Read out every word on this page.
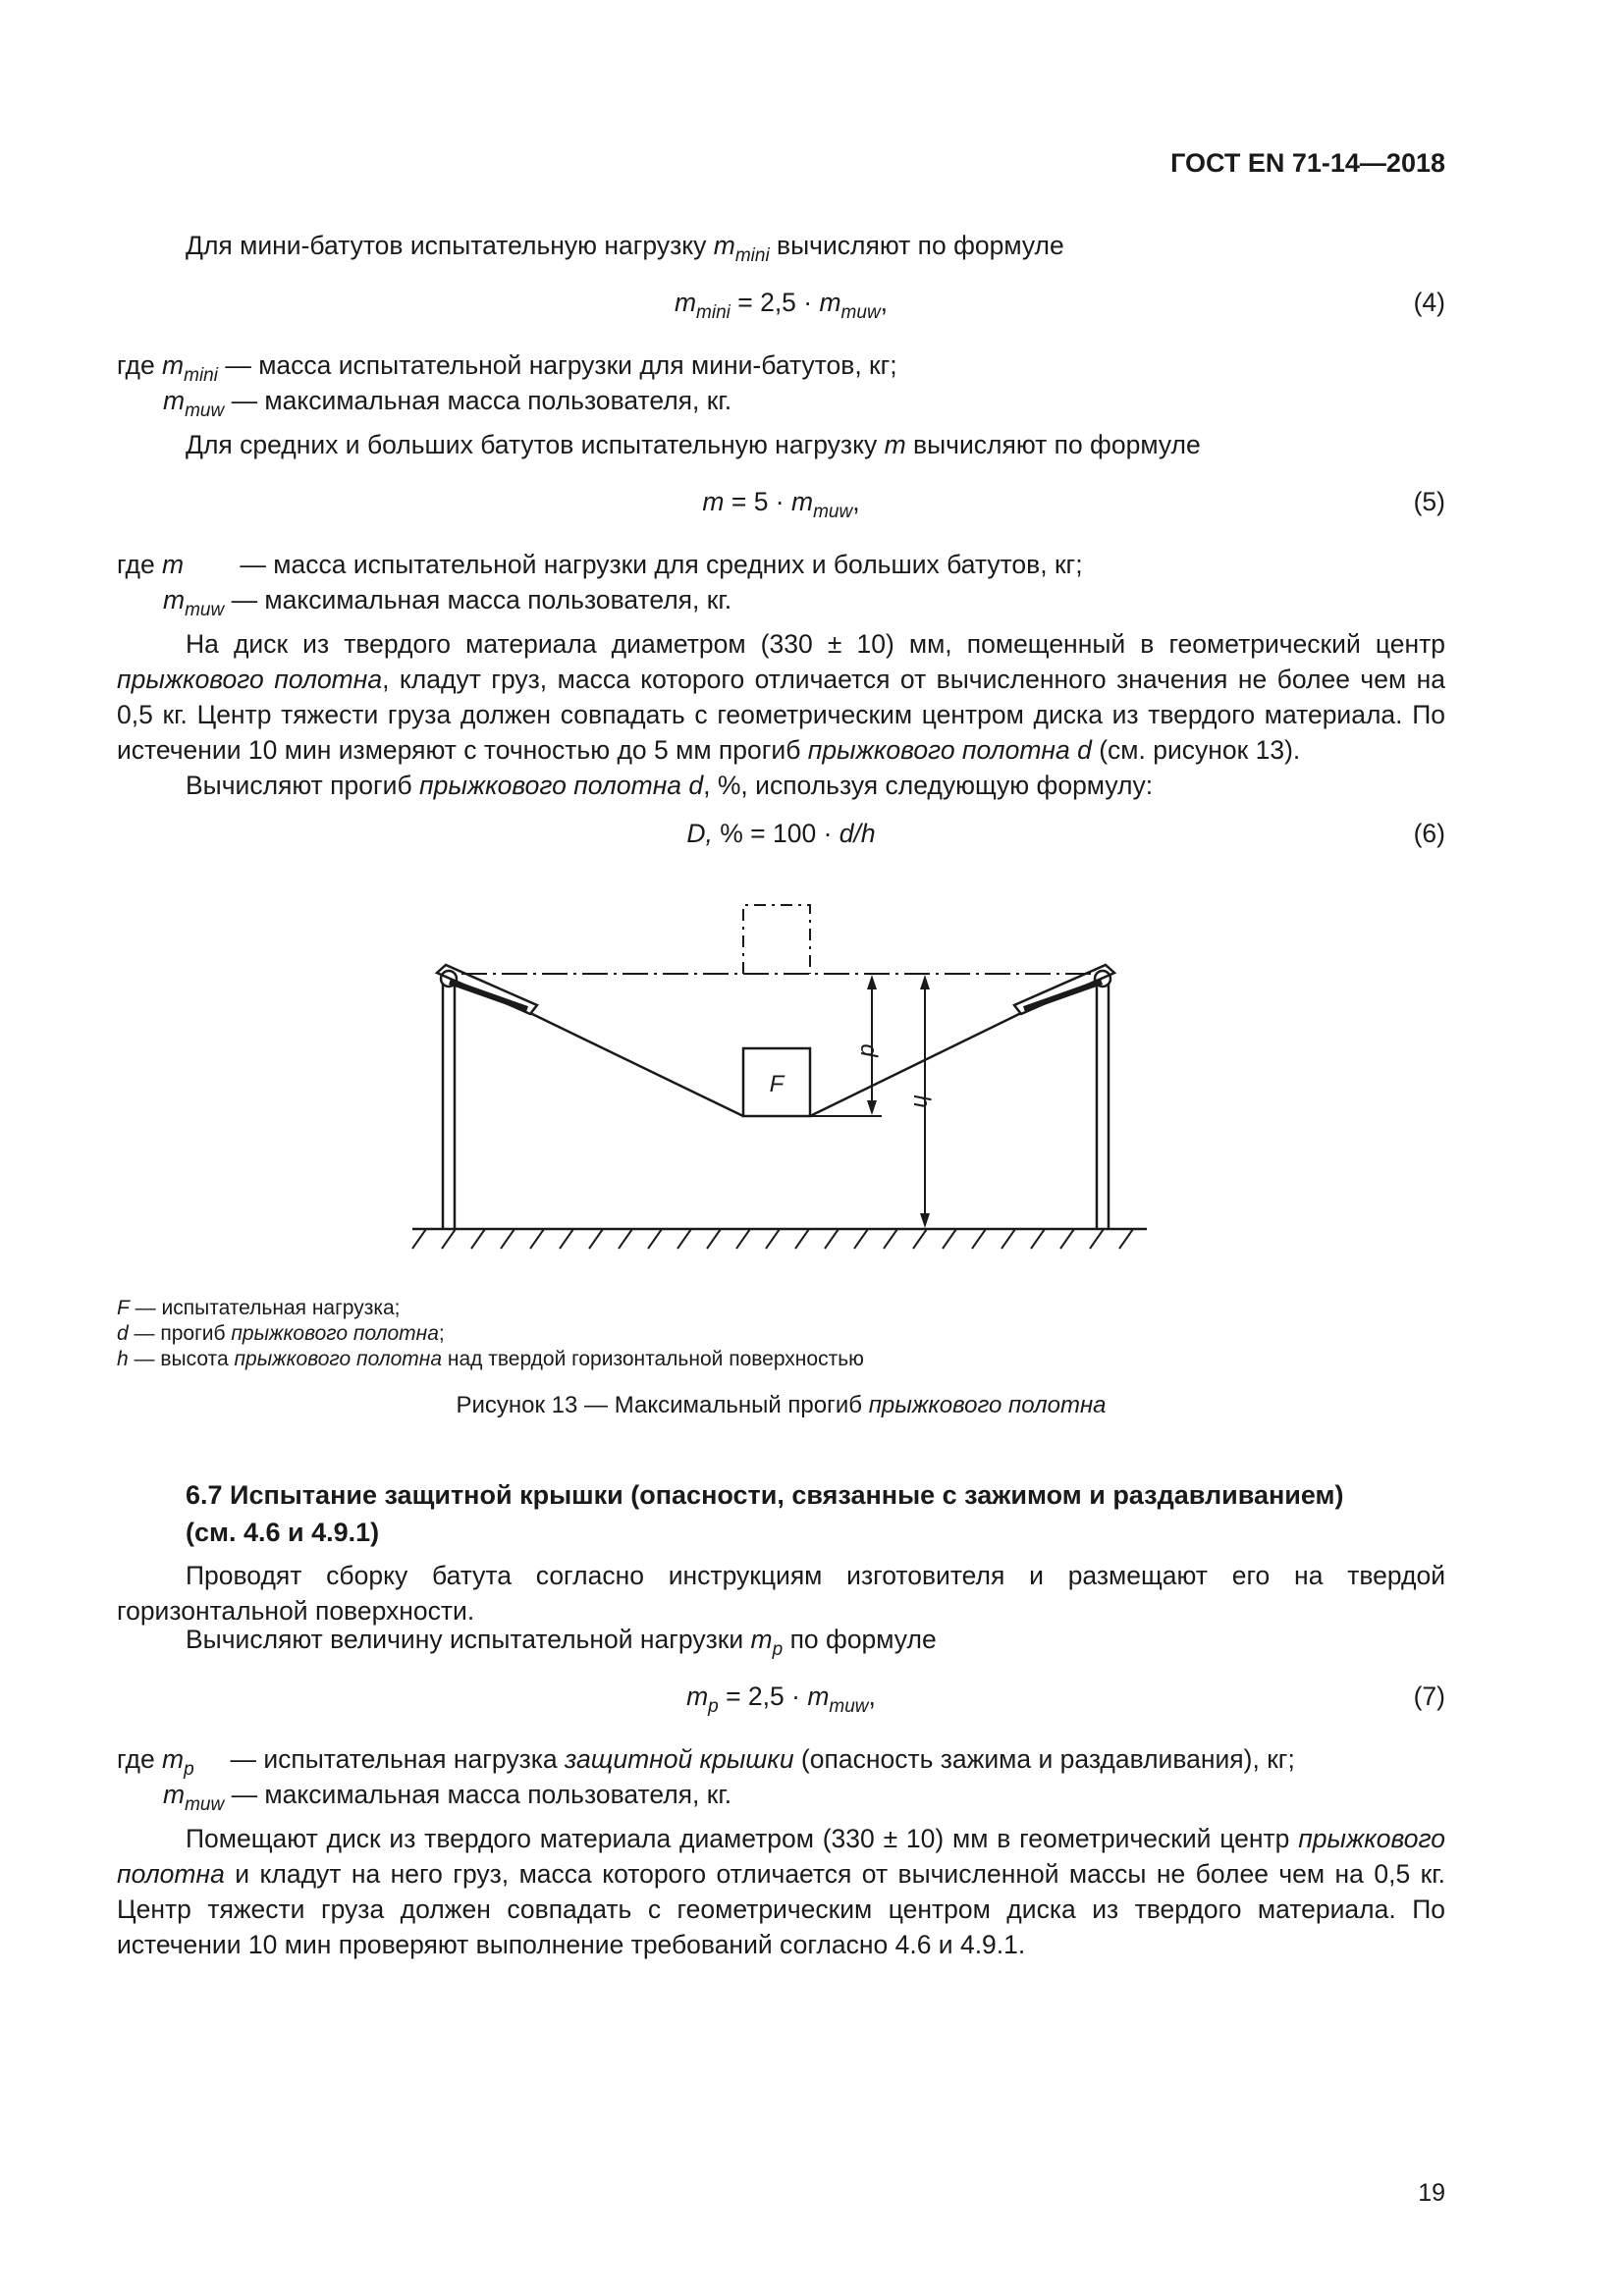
ГОСТ EN 71-14—2018
Для мини-батутов испытательную нагрузку $m_{mini}$ вычисляют по формуле
$m_{mini} = 2,5 \cdot m_{muw}$,	(4)
где $m_{mini}$ — масса испытательной нагрузки для мини-батутов, кг;
$m_{muw}$ — максимальная масса пользователя, кг.
Для средних и больших батутов испытательную нагрузку m вычисляют по формуле
$m = 5 \cdot m_{muw}$,	(5)
где m — масса испытательной нагрузки для средних и больших батутов, кг;
$m_{muw}$ — максимальная масса пользователя, кг.
На диск из твердого материала диаметром (330 ± 10) мм, помещенный в геометрический центр прыжкового полотна, кладут груз, масса которого отличается от вычисленного значения не более чем на 0,5 кг. Центр тяжести груза должен совпадать с геометрическим центром диска из твердого материала. По истечении 10 мин измеряют с точностью до 5 мм прогиб прыжкового полотна d (см. рисунок 13).
Вычисляют прогиб прыжкового полотна d, %, используя следующую формулу:
D, % = 100 · d/h	(6)
F
d
h
F — испытательная нагрузка;
d — прогиб прыжкового полотна;
h — высота прыжкового полотна над твердой горизонтальной поверхностью
Рисунок 13 — Максимальный прогиб прыжкового полотна
6.7 Испытание защитной крышки (опасности, связанные с зажимом и раздавливанием)
(см. 4.6 и 4.9.1)
Проводят сборку батута согласно инструкциям изготовителя и размещают его на твердой горизонтальной поверхности.
Вычисляют величину испытательной нагрузки $m_p$ по формуле
$m_p = 2,5 \cdot m_{muw}$,	(7)
где $m_p$ — испытательная нагрузка защитной крышки (опасность зажима и раздавливания), кг;
$m_{muw}$ — максимальная масса пользователя, кг.
Помещают диск из твердого материала диаметром (330 ± 10) мм в геометрический центр прыжкового полотна и кладут на него груз, масса которого отличается от вычисленной массы не более чем на 0,5 кг. Центр тяжести груза должен совпадать с геометрическим центром диска из твердого материала. По истечении 10 мин проверяют выполнение требований согласно 4.6 и 4.9.1.
19
